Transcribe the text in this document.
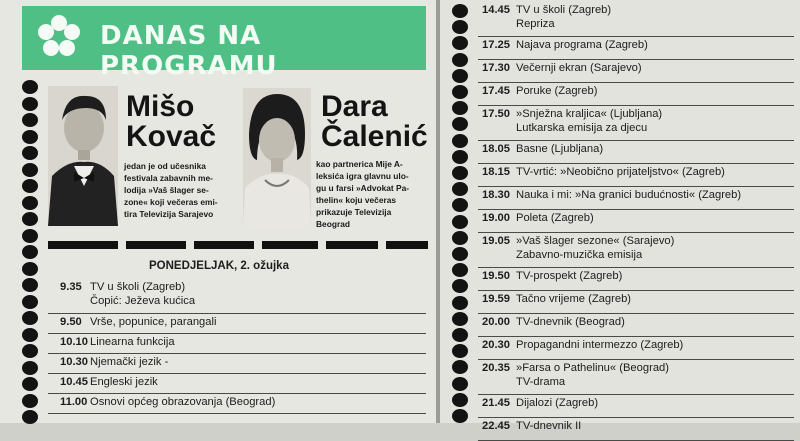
DANAS NA PROGRAMU
Mišo
Kovač
jedan je od učesnika
festivala zabavnih me-
lodija »Vaš šlager se-
zone« koji večeras emi-
tira Televizija Sarajevo
Dara
Čalenić
kao partnerica Mije A-
leksića igra glavnu ulo-
gu u farsi »Advokat Pa-
thelin« koju večeras
prikazuje Televizija
Beograd
PONEDJELJAK, 2. ožujka
9.35 TV u školi (Zagreb)
Čopić: Ježeva kućica
9.50 Vrše, popunice, parangali
10.10 Linearna funkcija
10.30 Njemački jezik -
10.45 Engleski jezik
11.00 Osnovi općeg obrazovanja (Beograd)
14.45 TV u školi (Zagreb)
Repriza
17.25 Najava programa (Zagreb)
17.30 Večernji ekran (Sarajevo)
17.45 Poruke (Zagreb)
17.50 »Snježna kraljica« (Ljubljana)
Lutkarska emisija za djecu
18.05 Basne (Ljubljana)
18.15 TV-vrtić: »Neobično prijateljstvo« (Zagreb)
18.30 Nauka i mi: »Na granici budućnosti« (Zagreb)
19.00 Poleta (Zagreb)
19.05 »Vaš šlager sezone« (Sarajevo)
Zabavno-muzička emisija
19.50 TV-prospekt (Zagreb)
19.59 Tačno vrijeme (Zagreb)
20.00 TV-dnevnik (Beograd)
20.30 Propagandni intermezzo (Zagreb)
20.35 »Farsa o Pathelinu« (Beograd)
TV-drama
21.45 Dijalozi (Zagreb)
22.45 TV-dnevnik II
